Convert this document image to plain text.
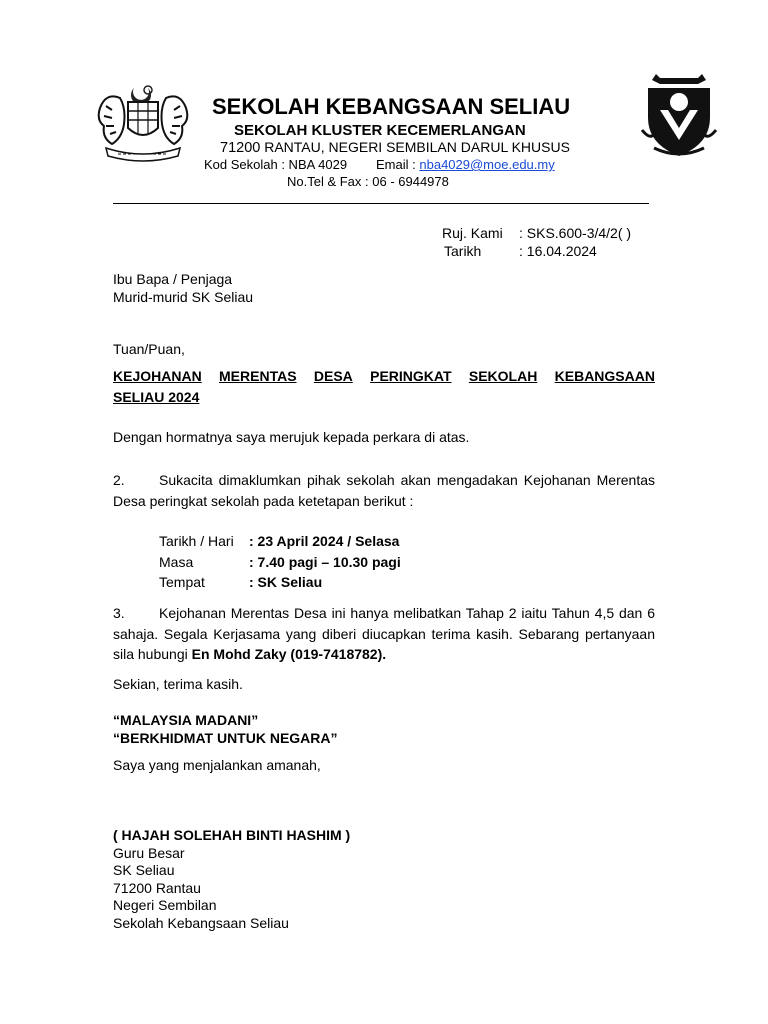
SEKOLAH KEBANGSAAN SELIAU
SEKOLAH KLUSTER KECEMERLANGAN
71200 RANTAU, NEGERI SEMBILAN DARUL KHUSUS
Kod Sekolah : NBA 4029 Email : nba4029@moe.edu.my
No.Tel & Fax : 06 - 6944978
Ruj. Kami	: SKS.600-3/4/2( )
Tarikh	: 16.04.2024
Ibu Bapa / Penjaga
Murid-murid SK Seliau
Tuan/Puan,
KEJOHANAN MERENTAS DESA PERINGKAT SEKOLAH KEBANGSAAN
SELIAU 2024
Dengan hormatnya saya merujuk kepada perkara di atas.
2. Sukacita dimaklumkan pihak sekolah akan mengadakan Kejohanan Merentas Desa peringkat sekolah pada ketetapan berikut :
Tarikh / Hari	: 23 April 2024 / Selasa
Masa	: 7.40 pagi – 10.30 pagi
Tempat	: SK Seliau
3. Kejohanan Merentas Desa ini hanya melibatkan Tahap 2 iaitu Tahun 4,5 dan 6 sahaja. Segala Kerjasama yang diberi diucapkan terima kasih. Sebarang pertanyaan sila hubungi En Mohd Zaky (019-7418782).
Sekian, terima kasih.
“MALAYSIA MADANI”
“BERKHIDMAT UNTUK NEGARA”
Saya yang menjalankan amanah,
( HAJAH SOLEHAH BINTI HASHIM )
Guru Besar
SK Seliau
71200 Rantau
Negeri Sembilan
Sekolah Kebangsaan Seliau
